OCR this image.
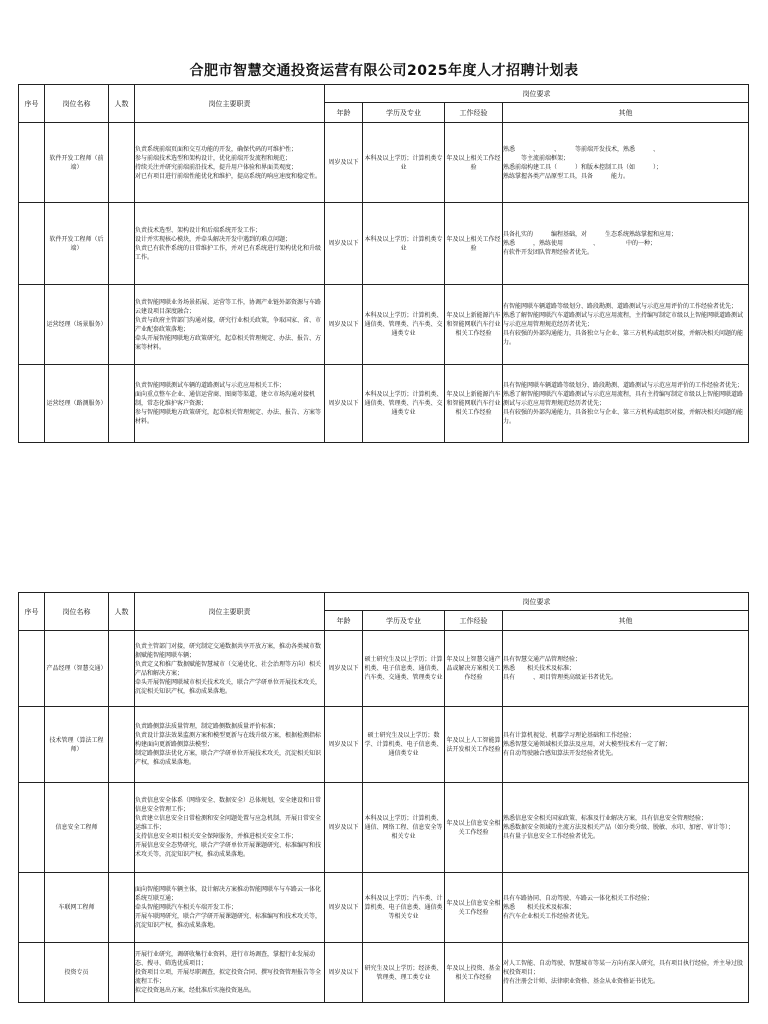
合肥市智慧交通投资运营有限公司2025年度人才招聘计划表
序号	岗位名称	人数	岗位主要职责	岗位要求			
				年龄	学历及专业	工作经验	其他
	软件开发工程师（前端）		负责系统前端页面和交互功能的开发，确保代码的可维护性；
参与前端技术选型和架构设计，优化前端开发流程和规范；
持续关注并研究前端前沿技术，提升用户体验和界面美观度；
对已有项目进行前端性能优化和维护，提高系统的响应速度和稳定性。	周岁及以下	本科及以上学历；计算机类专业	年及以上相关工作经验	熟悉　　　、　　　、　　　等前端开发技术，熟悉　　　、
　　　等主流前端框架；
熟悉前端构建工具（　　　）和版本控制工具（如　　　）；
熟练掌握各类产品原型工具，具备　　　能力。

	软件开发工程师（后端）		负责技术选型、架构设计和后端系统开发工作；
设计并实现核心模块，并牵头解决开发中遇到的难点问题；
负责已有软件系统的日常维护工作，并对已有系统进行架构优化和升级工作。	周岁及以下	本科及以上学历；计算机类专业	年及以上相关工作经验	具备扎实的　　　编程基础，对　　　生态系统熟练掌握和应用；
熟悉　　　，熟练使用　　　　　、　　　　　中的一种；
有软件开发团队管理经验者优先。

	运营经理（场景服务）		负责智能网联业务场景拓展、运营等工作，协调产业链外部资源与车路云建设项目深度融合；
负责与政府主管部门沟通对接，研究行业相关政策，争取国家、省、市产业配套政策落地；
牵头开展智能网联地方政策研究，起草相关管理规定、办法、报告、方案等材料。	周岁及以下	本科及以上学历；计算机类、通信类、管理类、汽车类、交通类专业	年及以上新能源汽车和智能网联汽车行业相关工作经验	有智能网联车辆道路等级划分、路段勘测、道路测试与示范应用评价的工作经验者优先；
熟悉了解智能网联汽车道路测试与示范应用流程，主持编写制定市级以上智能网联道路测试与示范应用管理规范经历者优先；
具有较强的外部沟通能力，具备独立与企业、第三方机构或组织对接，并解决相关问题的能力。

	运营经理（路测服务）		负责智能网联测试车辆的道路测试与示范应用相关工作；
面向重点整车企业、通信运营商、图商等渠道，建立市场沟通对接机制，常态化维护客户资源；
参与智能网联地方政策研究，起草相关管理规定、办法、报告、方案等材料。	周岁及以下	本科及以上学历；计算机类、通信类、管理类、汽车类、交通类专业	年及以上新能源汽车和智能网联汽车行业相关工作经验	具有智能网联车辆道路等级划分、路段勘测、道路测试与示范应用评价的工作经验者优先；
熟悉了解智能网联汽车道路测试与示范应用流程，具有主持编写制定市级以上智能网联道路测试与示范应用管理规范经历者优先；
具有较强的外部沟通能力，具备独立与企业、第三方机构或组织对接，并解决相关问题的能力。
序号	岗位名称	人数	岗位主要职责	岗位要求			
				年龄	学历及专业	工作经验	其他
	产品经理（智慧交通）		负责主管部门对接，研究制定交通数据共享开放方案，推动各类城市数据赋能智能网联车辆；
负责定义和推广数据赋能智慧城市（交通优化、社会治理等方向）相关产品和解决方案；
牵头开展智能网联城市相关技术攻关，联合产学研单位开展技术攻关，沉淀相关知识产权，推动成果落地。	周岁及以下	硕士研究生及以上学历；计算机类、电子信息类、通信类、汽车类、交通类、管理类专业	年及以上智慧交通产品或解决方案相关工作经验	具有智慧交通产品管理经验；
熟悉　　相关技术及标准；
具有　　　、项目管理类高级证书者优先。

	技术管理（算法工程师）		负责路侧算法质量管理，制定路侧数据质量评价标准；
负责设计算法效果监测方案和模型更新与在线升级方案，根据检测指标构建面向更新路侧算法模型；
制定路侧算法优化方案，联合产学研单位开展技术攻关，沉淀相关知识产权，推动成果落地。	周岁及以下	硕士研究生及以上学历；数学、计算机类、电子信息类、通信类专业	年及以上人工智能算法开发相关工作经验	具有计算机视觉、机器学习理论基础和工作经验；
熟悉智慧交通领域相关算法及应用，对大模型技术有一定了解；
有自动驾驶融合感知算法开发经验者优先。

	信息安全工程师		负责信息安全体系（网络安全、数据安全）总体规划，安全建设和日常信息安全管理工作；
负责建立信息安全日常检测和安全问题处置与应急机制，开展日常安全运维工作；
支持信息安全项目相关安全保障服务，并推进相关安全工作；
开展信息安全态势研究，联合产学研单位开展课题研究、标准编写和技术攻关等，沉淀知识产权，推动成果落地。	周岁及以下	本科及以上学历；计算机类、通信、网络工程、信息安全等相关专业	年及以上信息安全相关工作经验	熟悉信息安全相关国家政策、标准及行业解决方案，具有信息安全管理经验；
熟悉数据安全领域的主流方法及相关产品（如分类分级、脱敏、水印、加密、审计等）；
具有量子信息安全工作经验者优先。

	车联网工程师		面向智能网联车辆主体，设计解决方案推动智能网联车与车路云一体化系统互联互通；
牵头智能网联汽车相关车端开发工作；
开展车联网研究，联合产学研开展课题研究、标准编写和技术攻关等，沉淀知识产权，推动成果落地。	周岁及以下	本科及以上学历；汽车类、计算机类、电子信息类、通信类等相关专业	年及以上信息安全相关工作经验	具有车路协同、自动驾驶、车路云一体化相关工作经验；
熟悉　　相关技术及标准；
有汽车企业相关工作经验者优先。

	投资专员		开展行业研究，调研收集行业资料，进行市场调查，掌握行业发展动态、搜寻、筛选优质项目；
投资项目立项，开展尽职调查，拟定投资合同、撰写投资管理报告等全流程工作；
拟定投资退出方案，经批准后实施投资退出。	周岁及以下	研究生及以上学历；经济类、管理类、理工类专业	年及以上投资、基金相关工作经验	对人工智能、自动驾驶、智慧城市等某一方向有深入研究，具有项目执行经验，并主导过股权投资项目；
持有注册会计师、法律职业资格、基金从业资格证书优先。
